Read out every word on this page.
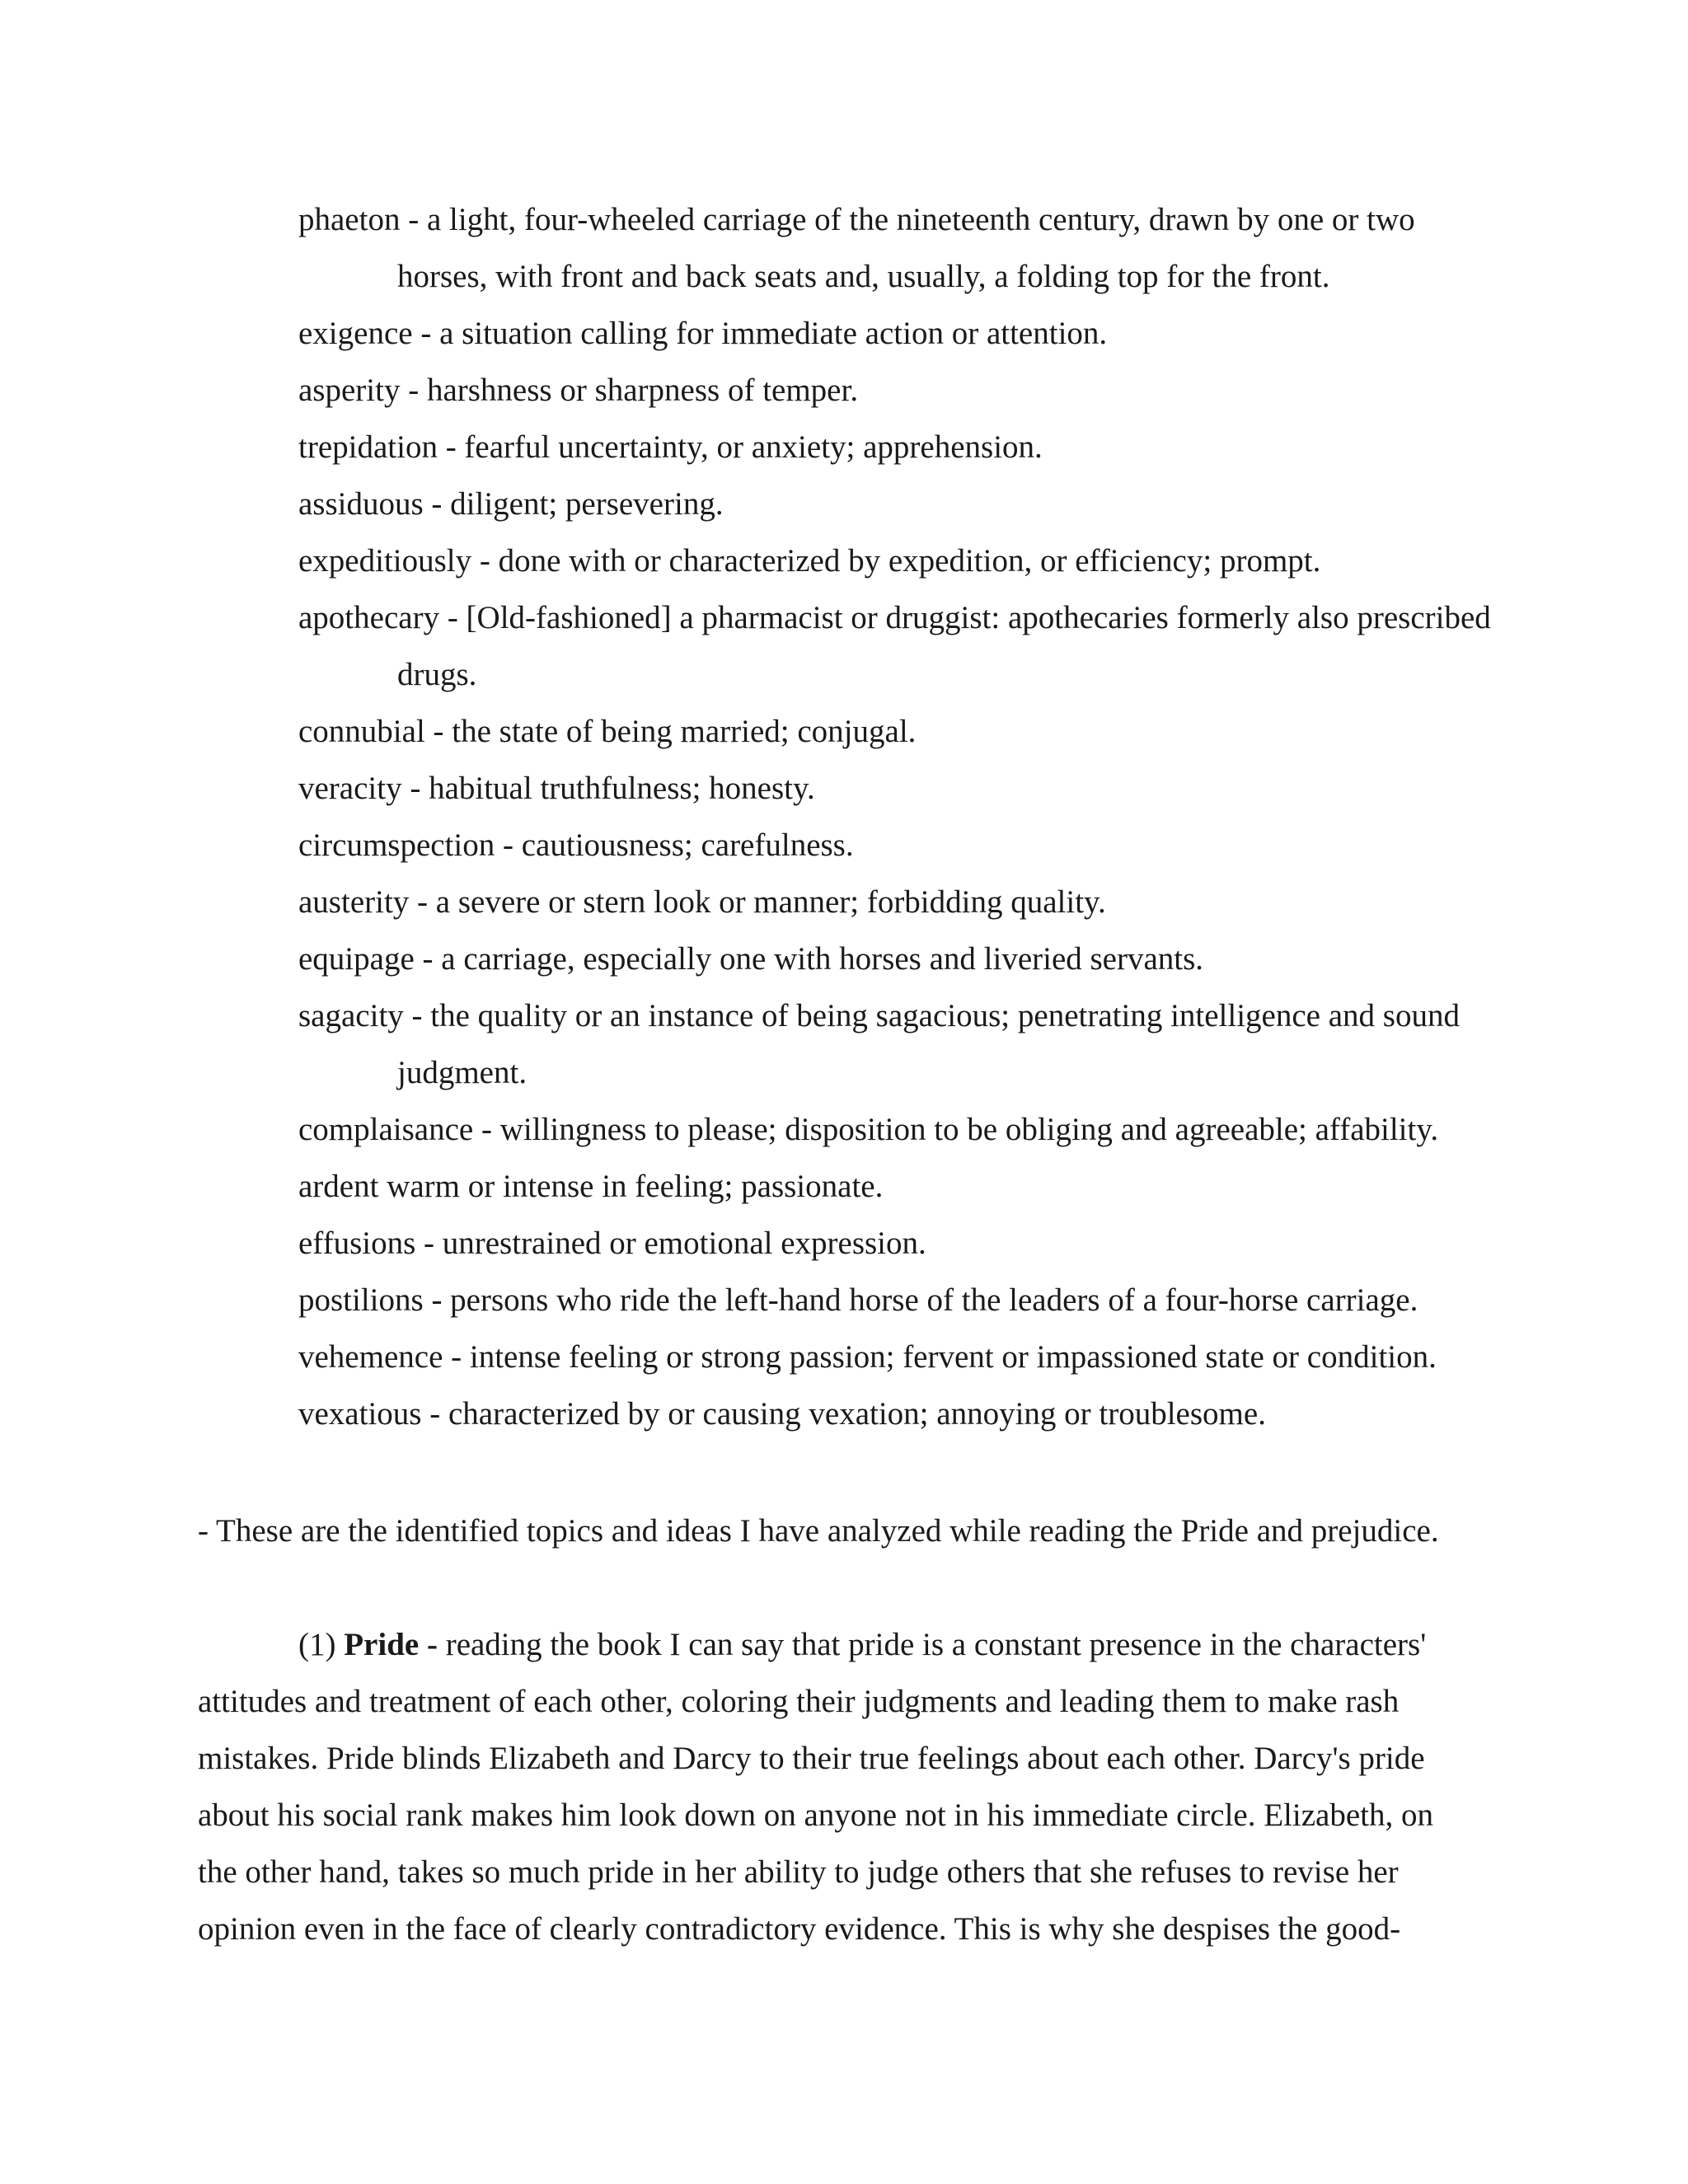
phaeton - a light, four-wheeled carriage of the nineteenth century, drawn by one or two horses, with front and back seats and, usually, a folding top for the front.
exigence - a situation calling for immediate action or attention.
asperity - harshness or sharpness of temper.
trepidation - fearful uncertainty, or anxiety; apprehension.
assiduous - diligent; persevering.
expeditiously - done with or characterized by expedition, or efficiency; prompt.
apothecary - [Old-fashioned] a pharmacist or druggist: apothecaries formerly also prescribed drugs.
connubial - the state of being married; conjugal.
veracity - habitual truthfulness; honesty.
circumspection - cautiousness; carefulness.
austerity - a severe or stern look or manner; forbidding quality.
equipage - a carriage, especially one with horses and liveried servants.
sagacity - the quality or an instance of being sagacious; penetrating intelligence and sound judgment.
complaisance - willingness to please; disposition to be obliging and agreeable; affability.
ardent warm or intense in feeling; passionate.
effusions - unrestrained or emotional expression.
postilions - persons who ride the left-hand horse of the leaders of a four-horse carriage.
vehemence - intense feeling or strong passion; fervent or impassioned state or condition.
vexatious - characterized by or causing vexation; annoying or troublesome.

- These are the identified topics and ideas I have analyzed while reading the Pride and prejudice.

(1) Pride - reading the book I can say that pride is a constant presence in the characters'
attitudes and treatment of each other, coloring their judgments and leading them to make rash
mistakes. Pride blinds Elizabeth and Darcy to their true feelings about each other. Darcy's pride
about his social rank makes him look down on anyone not in his immediate circle. Elizabeth, on
the other hand, takes so much pride in her ability to judge others that she refuses to revise her
opinion even in the face of clearly contradictory evidence. This is why she despises the good-
